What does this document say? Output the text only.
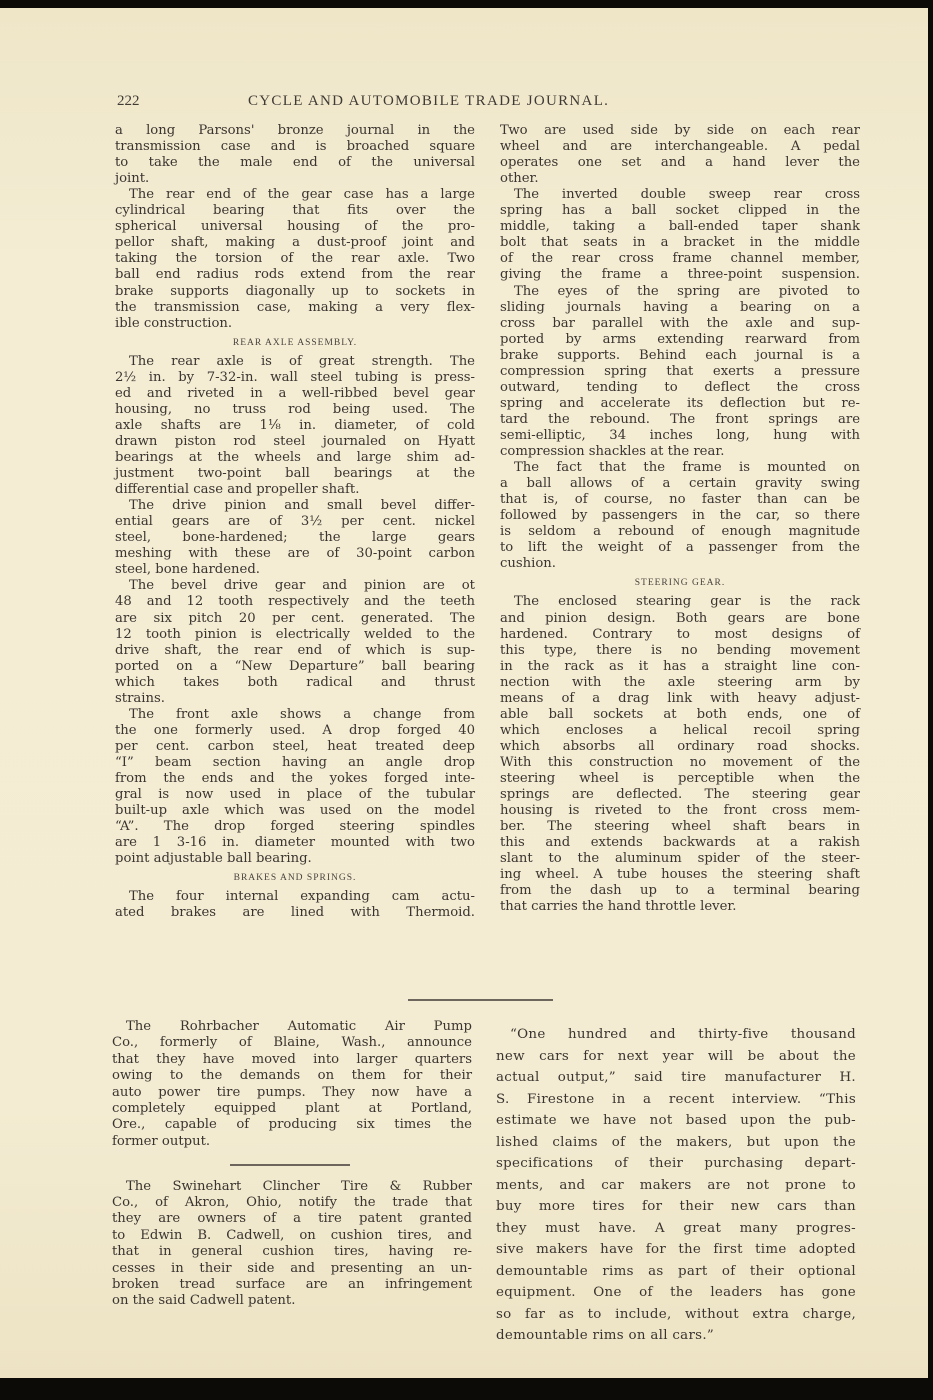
222	CYCLE AND AUTOMOBILE TRADE JOURNAL.
a long Parsons' bronze journal in the
transmission case and is broached square
to take the male end of the universal
joint.
The rear end of the gear case has a large
cylindrical bearing that fits over the
spherical universal housing of the pro-
pellor shaft, making a dust-proof joint and
taking the torsion of the rear axle. Two
ball end radius rods extend from the rear
brake supports diagonally up to sockets in
the transmission case, making a very flex-
ible construction.
REAR AXLE ASSEMBLY.
The rear axle is of great strength. The
2½ in. by 7-32-in. wall steel tubing is press-
ed and riveted in a well-ribbed bevel gear
housing, no truss rod being used. The
axle shafts are 1⅛ in. diameter, of cold
drawn piston rod steel journaled on Hyatt
bearings at the wheels and large shim ad-
justment two-point ball bearings at the
differential case and propeller shaft.
The drive pinion and small bevel differ-
ential gears are of 3½ per cent. nickel
steel, bone-hardened; the large gears
meshing with these are of 30-point carbon
steel, bone hardened.
The bevel drive gear and pinion are ot
48 and 12 tooth respectively and the teeth
are six pitch 20 per cent. generated. The
12 tooth pinion is electrically welded to the
drive shaft, the rear end of which is sup-
ported on a “New Departure” ball bearing
which takes both radical and thrust
strains.
The front axle shows a change from
the one formerly used. A drop forged 40
per cent. carbon steel, heat treated deep
“I” beam section having an angle drop
from the ends and the yokes forged inte-
gral is now used in place of the tubular
built-up axle which was used on the model
“A”. The drop forged steering spindles
are 1 3-16 in. diameter mounted with two
point adjustable ball bearing.
BRAKES AND SPRINGS.
The four internal expanding cam actu-
ated brakes are lined with Thermoid.
Two are used side by side on each rear
wheel and are interchangeable. A pedal
operates one set and a hand lever the
other.
The inverted double sweep rear cross
spring has a ball socket clipped in the
middle, taking a ball-ended taper shank
bolt that seats in a bracket in the middle
of the rear cross frame channel member,
giving the frame a three-point suspension.
The eyes of the spring are pivoted to
sliding journals having a bearing on a
cross bar parallel with the axle and sup-
ported by arms extending rearward from
brake supports. Behind each journal is a
compression spring that exerts a pressure
outward, tending to deflect the cross
spring and accelerate its deflection but re-
tard the rebound. The front springs are
semi-elliptic, 34 inches long, hung with
compression shackles at the rear.
The fact that the frame is mounted on
a ball allows of a certain gravity swing
that is, of course, no faster than can be
followed by passengers in the car, so there
is seldom a rebound of enough magnitude
to lift the weight of a passenger from the
cushion.
STEERING GEAR.
The enclosed stearing gear is the rack
and pinion design. Both gears are bone
hardened. Contrary to most designs of
this type, there is no bending movement
in the rack as it has a straight line con-
nection with the axle steering arm by
means of a drag link with heavy adjust-
able ball sockets at both ends, one of
which encloses a helical recoil spring
which absorbs all ordinary road shocks.
With this construction no movement of the
steering wheel is perceptible when the
springs are deflected. The steering gear
housing is riveted to the front cross mem-
ber. The steering wheel shaft bears in
this and extends backwards at a rakish
slant to the aluminum spider of the steer-
ing wheel. A tube houses the steering shaft
from the dash up to a terminal bearing
that carries the hand throttle lever.
The Rohrbacher Automatic Air Pump
Co., formerly of Blaine, Wash., announce
that they have moved into larger quarters
owing to the demands on them for their
auto power tire pumps. They now have a
completely equipped plant at Portland,
Ore., capable of producing six times the
former output.
The Swinehart Clincher Tire & Rubber
Co., of Akron, Ohio, notify the trade that
they are owners of a tire patent granted
to Edwin B. Cadwell, on cushion tires, and
that in general cushion tires, having re-
cesses in their side and presenting an un-
broken tread surface are an infringement
on the said Cadwell patent.
“One hundred and thirty-five thousand
new cars for next year will be about the
actual output,” said tire manufacturer H.
S. Firestone in a recent interview. “This
estimate we have not based upon the pub-
lished claims of the makers, but upon the
specifications of their purchasing depart-
ments, and car makers are not prone to
buy more tires for their new cars than
they must have. A great many progres-
sive makers have for the first time adopted
demountable rims as part of their optional
equipment. One of the leaders has gone
so far as to include, without extra charge,
demountable rims on all cars.”
